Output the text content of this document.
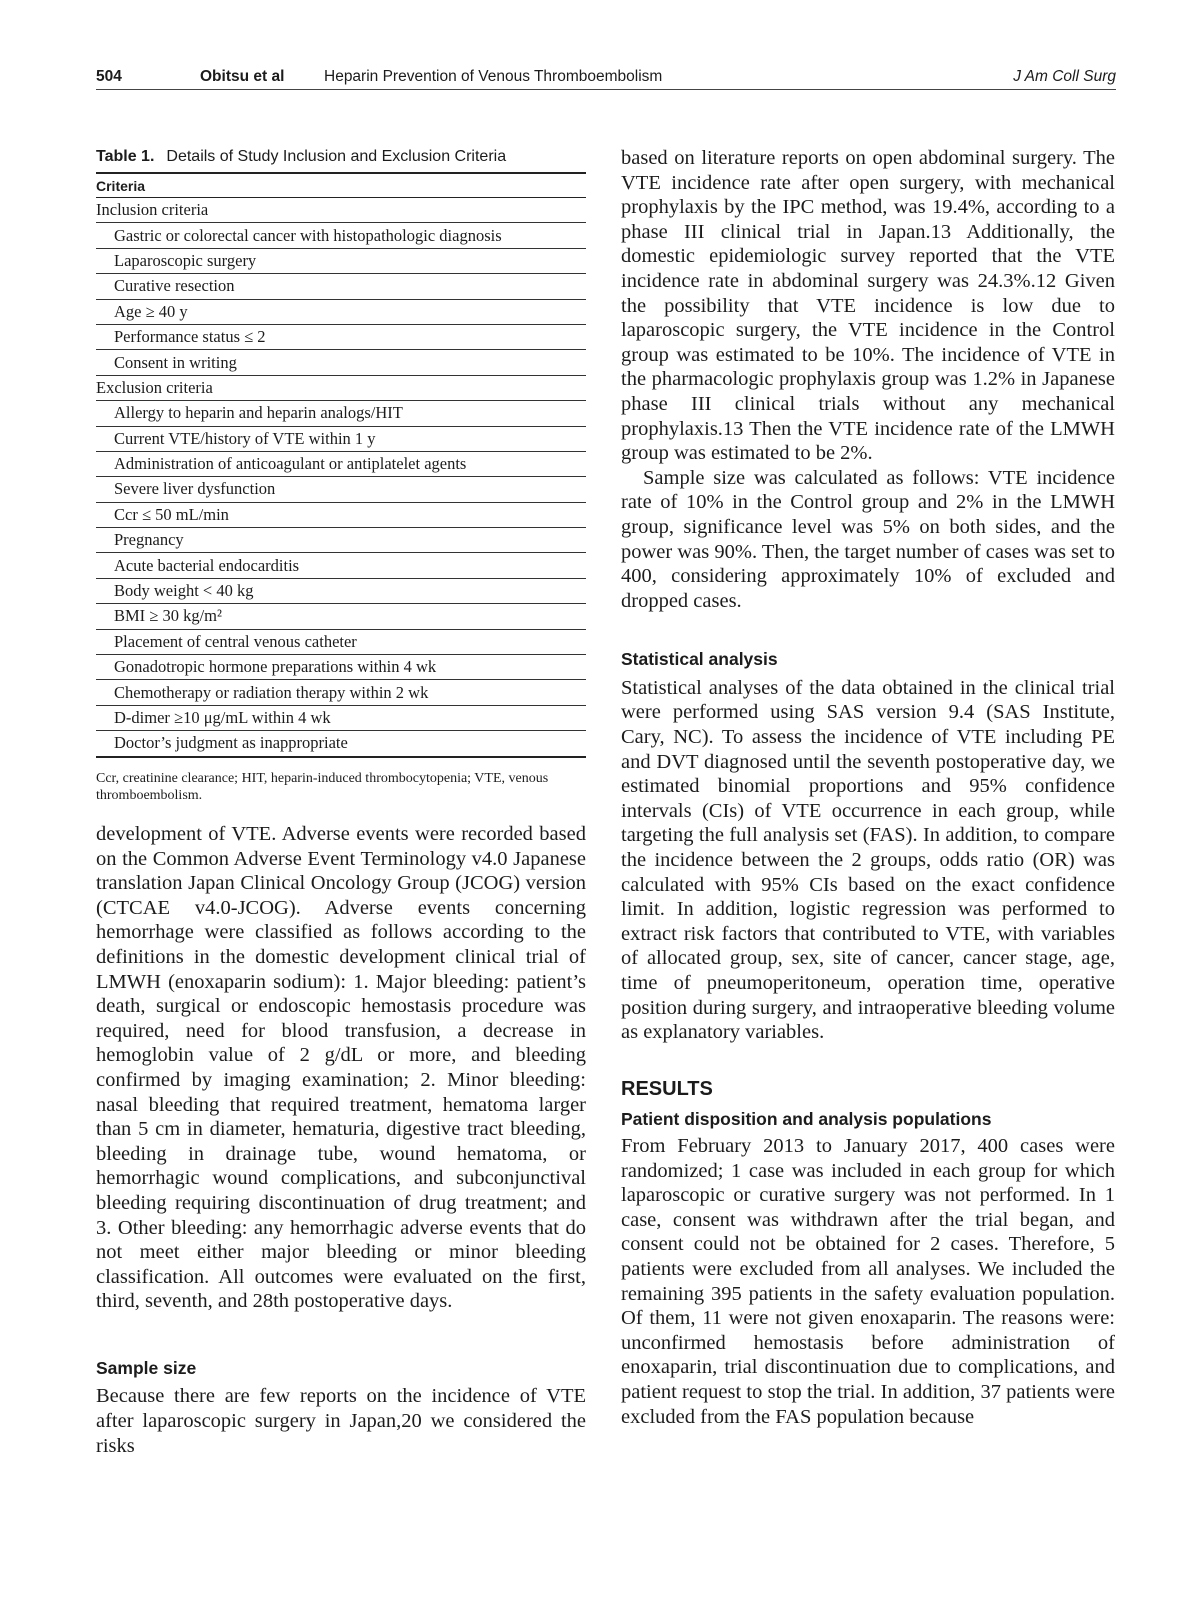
504	Obitsu et al	Heparin Prevention of Venous Thromboembolism	J Am Coll Surg
Table 1. Details of Study Inclusion and Exclusion Criteria
Criteria
Inclusion criteria
Gastric or colorectal cancer with histopathologic diagnosis
Laparoscopic surgery
Curative resection
Age ≥ 40 y
Performance status ≤ 2
Consent in writing
Exclusion criteria
Allergy to heparin and heparin analogs/HIT
Current VTE/history of VTE within 1 y
Administration of anticoagulant or antiplatelet agents
Severe liver dysfunction
Ccr ≤ 50 mL/min
Pregnancy
Acute bacterial endocarditis
Body weight < 40 kg
BMI ≥ 30 kg/m²
Placement of central venous catheter
Gonadotropic hormone preparations within 4 wk
Chemotherapy or radiation therapy within 2 wk
D-dimer ≥10 μg/mL within 4 wk
Doctor’s judgment as inappropriate
Ccr, creatinine clearance; HIT, heparin-induced thrombocytopenia; VTE, venous thromboembolism.

development of VTE. Adverse events were recorded based on the Common Adverse Event Terminology v4.0 Japanese translation Japan Clinical Oncology Group (JCOG) version (CTCAE v4.0-JCOG). Adverse events concerning hemorrhage were classified as follows according to the definitions in the domestic development clinical trial of LMWH (enoxaparin sodium): 1. Major bleeding: patient’s death, surgical or endoscopic hemostasis procedure was required, need for blood transfusion, a decrease in hemoglobin value of 2 g/dL or more, and bleeding confirmed by imaging examination; 2. Minor bleeding: nasal bleeding that required treatment, hematoma larger than 5 cm in diameter, hematuria, digestive tract bleeding, bleeding in drainage tube, wound hematoma, or hemorrhagic wound complications, and subconjunctival bleeding requiring discontinuation of drug treatment; and 3. Other bleeding: any hemorrhagic adverse events that do not meet either major bleeding or minor bleeding classification. All outcomes were evaluated on the first, third, seventh, and 28th postoperative days.

Sample size

Because there are few reports on the incidence of VTE after laparoscopic surgery in Japan,20 we considered the risks

based on literature reports on open abdominal surgery. The VTE incidence rate after open surgery, with mechanical prophylaxis by the IPC method, was 19.4%, according to a phase III clinical trial in Japan.13 Additionally, the domestic epidemiologic survey reported that the VTE incidence rate in abdominal surgery was 24.3%.12 Given the possibility that VTE incidence is low due to laparoscopic surgery, the VTE incidence in the Control group was estimated to be 10%. The incidence of VTE in the pharmacologic prophylaxis group was 1.2% in Japanese phase III clinical trials without any mechanical prophylaxis.13 Then the VTE incidence rate of the LMWH group was estimated to be 2%.

Sample size was calculated as follows: VTE incidence rate of 10% in the Control group and 2% in the LMWH group, significance level was 5% on both sides, and the power was 90%. Then, the target number of cases was set to 400, considering approximately 10% of excluded and dropped cases.

Statistical analysis

Statistical analyses of the data obtained in the clinical trial were performed using SAS version 9.4 (SAS Institute, Cary, NC). To assess the incidence of VTE including PE and DVT diagnosed until the seventh postoperative day, we estimated binomial proportions and 95% confidence intervals (CIs) of VTE occurrence in each group, while targeting the full analysis set (FAS). In addition, to compare the incidence between the 2 groups, odds ratio (OR) was calculated with 95% CIs based on the exact confidence limit. In addition, logistic regression was performed to extract risk factors that contributed to VTE, with variables of allocated group, sex, site of cancer, cancer stage, age, time of pneumoperitoneum, operation time, operative position during surgery, and intraoperative bleeding volume as explanatory variables.

RESULTS
Patient disposition and analysis populations

From February 2013 to January 2017, 400 cases were randomized; 1 case was included in each group for which laparoscopic or curative surgery was not performed. In 1 case, consent was withdrawn after the trial began, and consent could not be obtained for 2 cases. Therefore, 5 patients were excluded from all analyses. We included the remaining 395 patients in the safety evaluation population. Of them, 11 were not given enoxaparin. The reasons were: unconfirmed hemostasis before administration of enoxaparin, trial discontinuation due to complications, and patient request to stop the trial. In addition, 37 patients were excluded from the FAS population because
